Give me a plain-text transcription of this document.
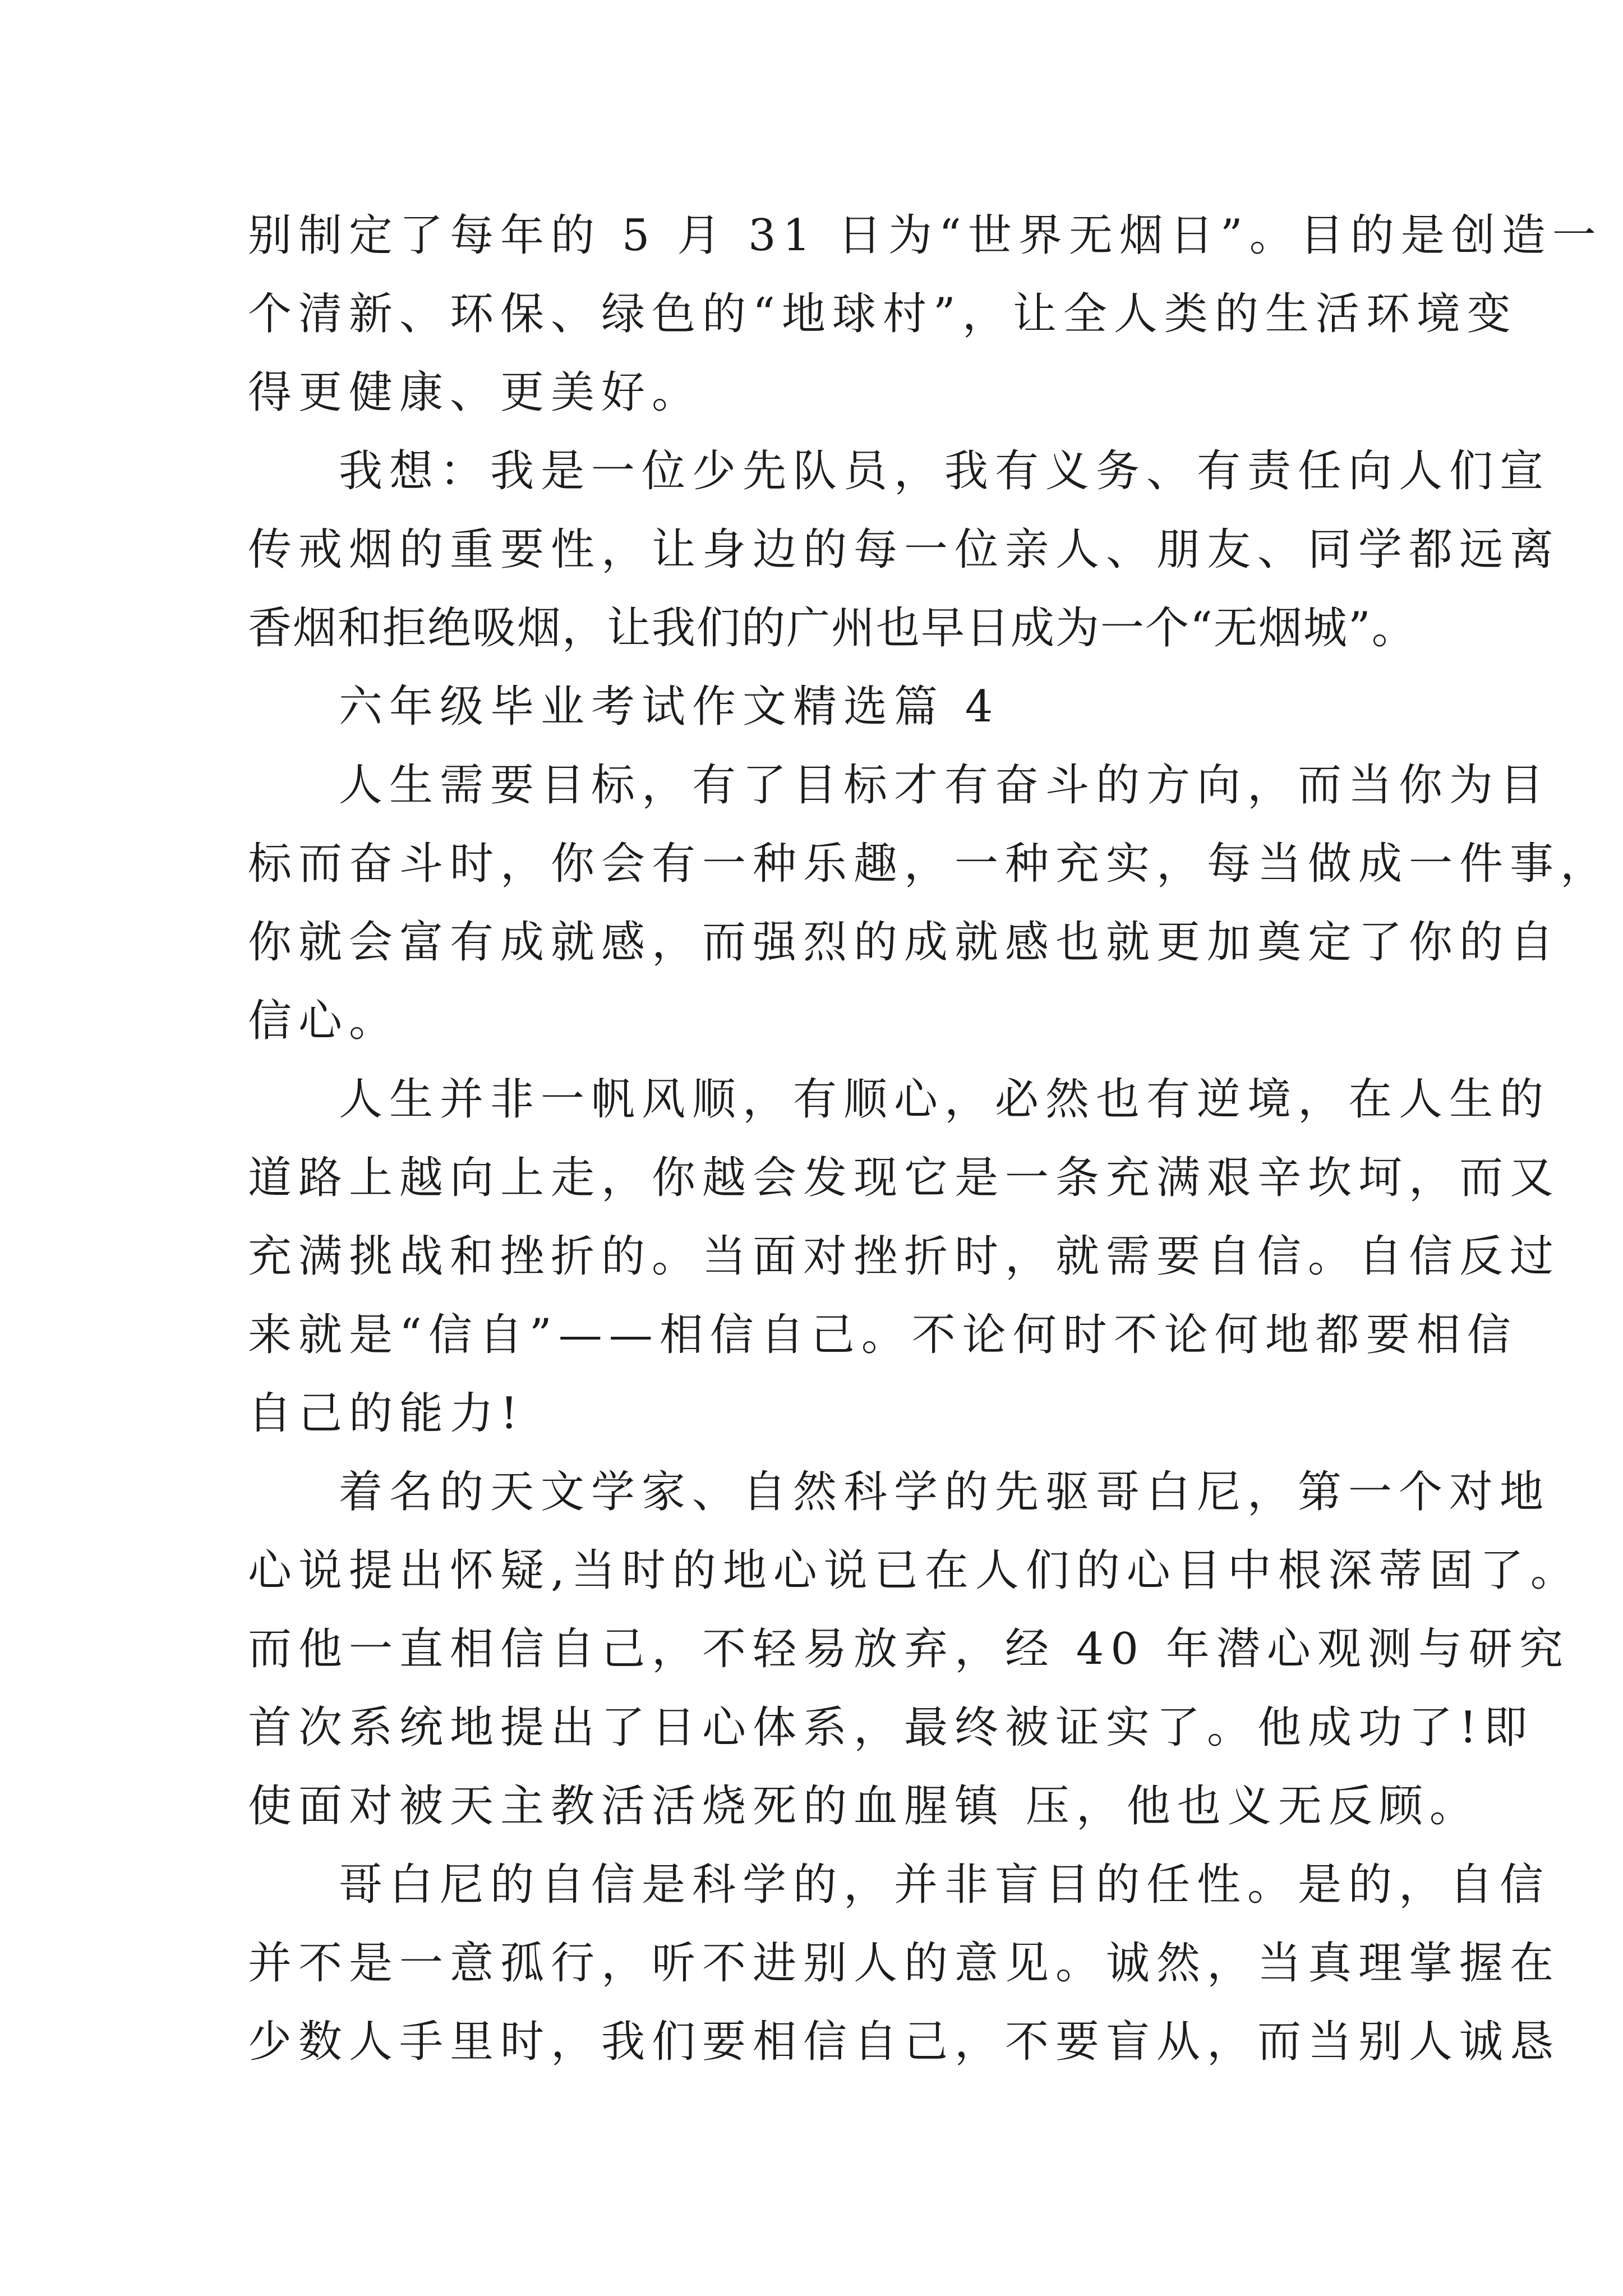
别制定了每年的 5 月 31 日为“世界无烟日”。目的是创造一
个清新、环保、绿色的“地球村”，让全人类的生活环境变
得更健康、更美好。
我想：我是一位少先队员，我有义务、有责任向人们宣
传戒烟的重要性，让身边的每一位亲人、朋友、同学都远离
香烟和拒绝吸烟，让我们的广州也早日成为一个“无烟城”。
六年级毕业考试作文精选篇 4
人生需要目标，有了目标才有奋斗的方向，而当你为目
标而奋斗时，你会有一种乐趣，一种充实，每当做成一件事，
你就会富有成就感，而强烈的成就感也就更加奠定了你的自
信心。
人生并非一帆风顺，有顺心，必然也有逆境，在人生的
道路上越向上走，你越会发现它是一条充满艰辛坎坷，而又
充满挑战和挫折的。当面对挫折时，就需要自信。自信反过
来就是“信自”——相信自己。不论何时不论何地都要相信
自己的能力!
着名的天文学家、自然科学的先驱哥白尼，第一个对地
心说提出怀疑,当时的地心说已在人们的心目中根深蒂固了。
而他一直相信自己，不轻易放弃，经 40 年潜心观测与研究
首次系统地提出了日心体系，最终被证实了。他成功了!即
使面对被天主教活活烧死的血腥镇 压，他也义无反顾。
哥白尼的自信是科学的，并非盲目的任性。是的，自信
并不是一意孤行，听不进别人的意见。诚然，当真理掌握在
少数人手里时，我们要相信自己，不要盲从，而当别人诚恳
